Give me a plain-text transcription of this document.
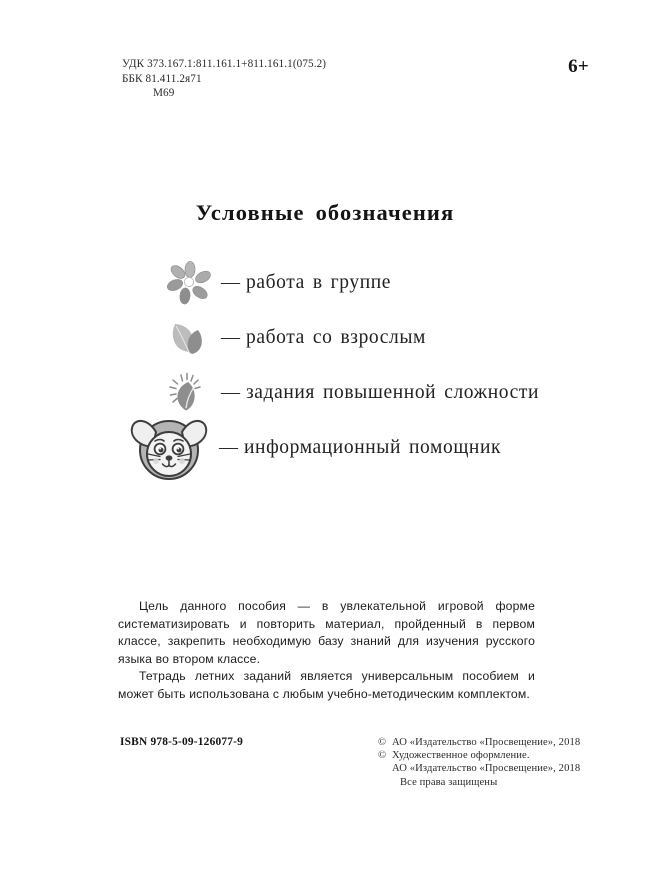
УДК 373.167.1:811.161.1+811.161.1(075.2)
ББК 81.411.2я71
М69
6+
Условные обозначения
— работа в группе
— работа со взрослым
— задания повышенной сложности
— информационный помощник

Цель данного пособия — в увлекательной игровой форме систематизировать и повторить материал, пройденный в первом классе, закрепить необходимую базу знаний для изучения русского языка во втором классе.

Тетрадь летних заданий является универсальным пособием и может быть использована с любым учебно-методическим комплектом.

ISBN 978-5-09-126077-9	© АО «Издательство «Просвещение», 2018
© Художественное оформление.
АО «Издательство «Просвещение», 2018
Все права защищены
